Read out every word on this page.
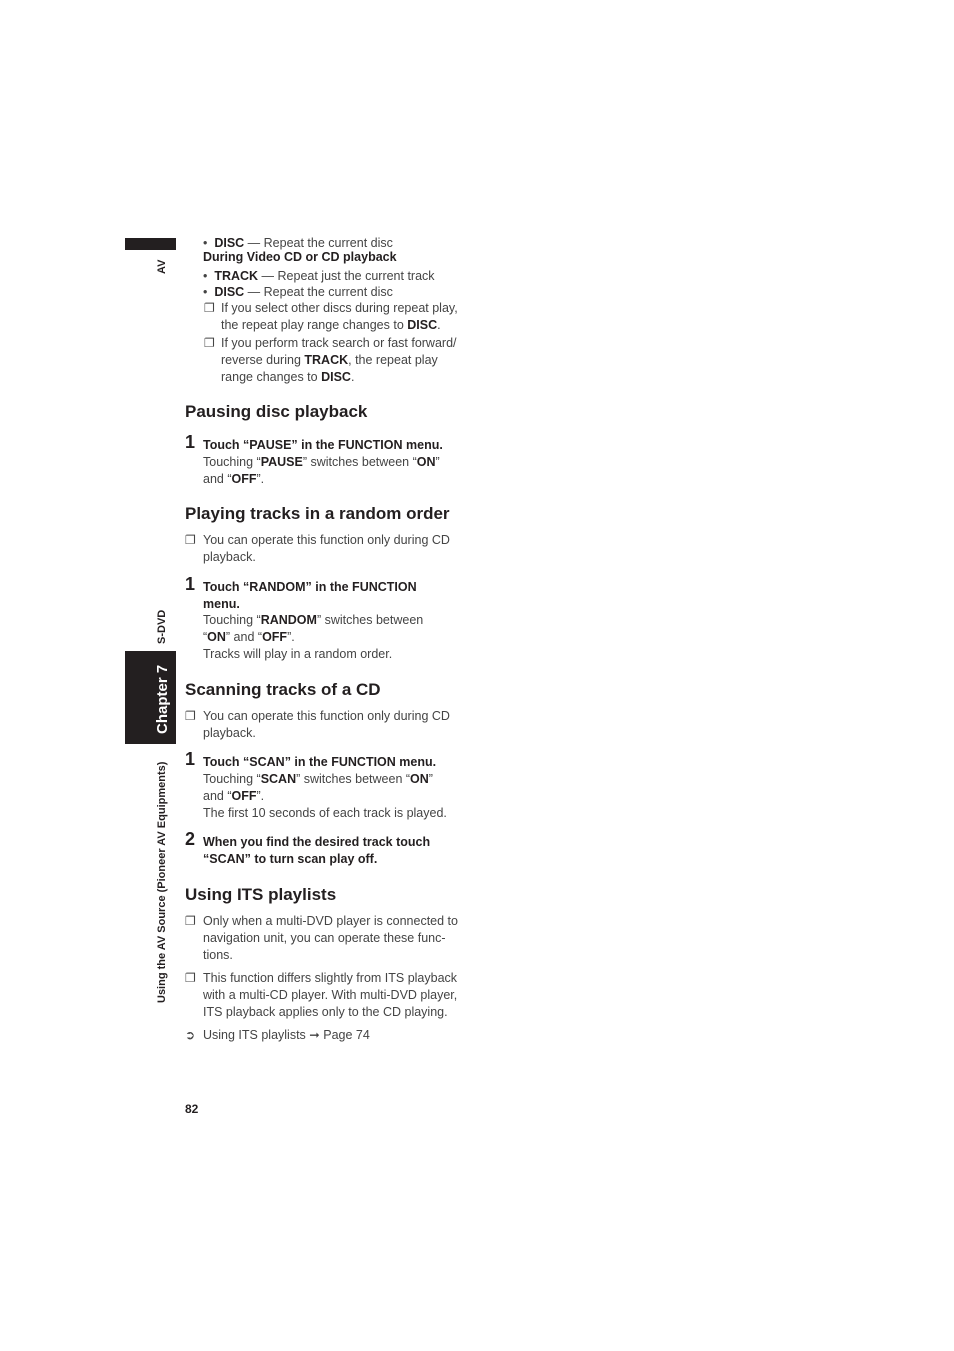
AV
S-DVD
Chapter 7
Using the AV Source (Pioneer AV Equipments)
•  DISC — Repeat the current disc
During Video CD or CD playback
•  TRACK — Repeat just the current track
•  DISC — Repeat the current disc
❐ If you select other discs during repeat play,
the repeat play range changes to DISC.
❐ If you perform track search or fast forward/
reverse during TRACK, the repeat play
range changes to DISC.
Pausing disc playback
1 Touch “PAUSE” in the FUNCTION menu.
Touching “PAUSE” switches between “ON”
and “OFF”.
Playing tracks in a random order
❐ You can operate this function only during CD
playback.
1 Touch “RANDOM” in the FUNCTION
menu.
Touching “RANDOM” switches between
“ON” and “OFF”.
Tracks will play in a random order.
Scanning tracks of a CD
❐ You can operate this function only during CD
playback.
1 Touch “SCAN” in the FUNCTION menu.
Touching “SCAN” switches between “ON”
and “OFF”.
The first 10 seconds of each track is played.
2 When you find the desired track touch
“SCAN” to turn scan play off.
Using ITS playlists
❐ Only when a multi-DVD player is connected to
navigation unit, you can operate these func-
tions.
❐ This function differs slightly from ITS playback
with a multi-CD player. With multi-DVD player,
ITS playback applies only to the CD playing.
➲ Using ITS playlists ➞ Page 74
82
